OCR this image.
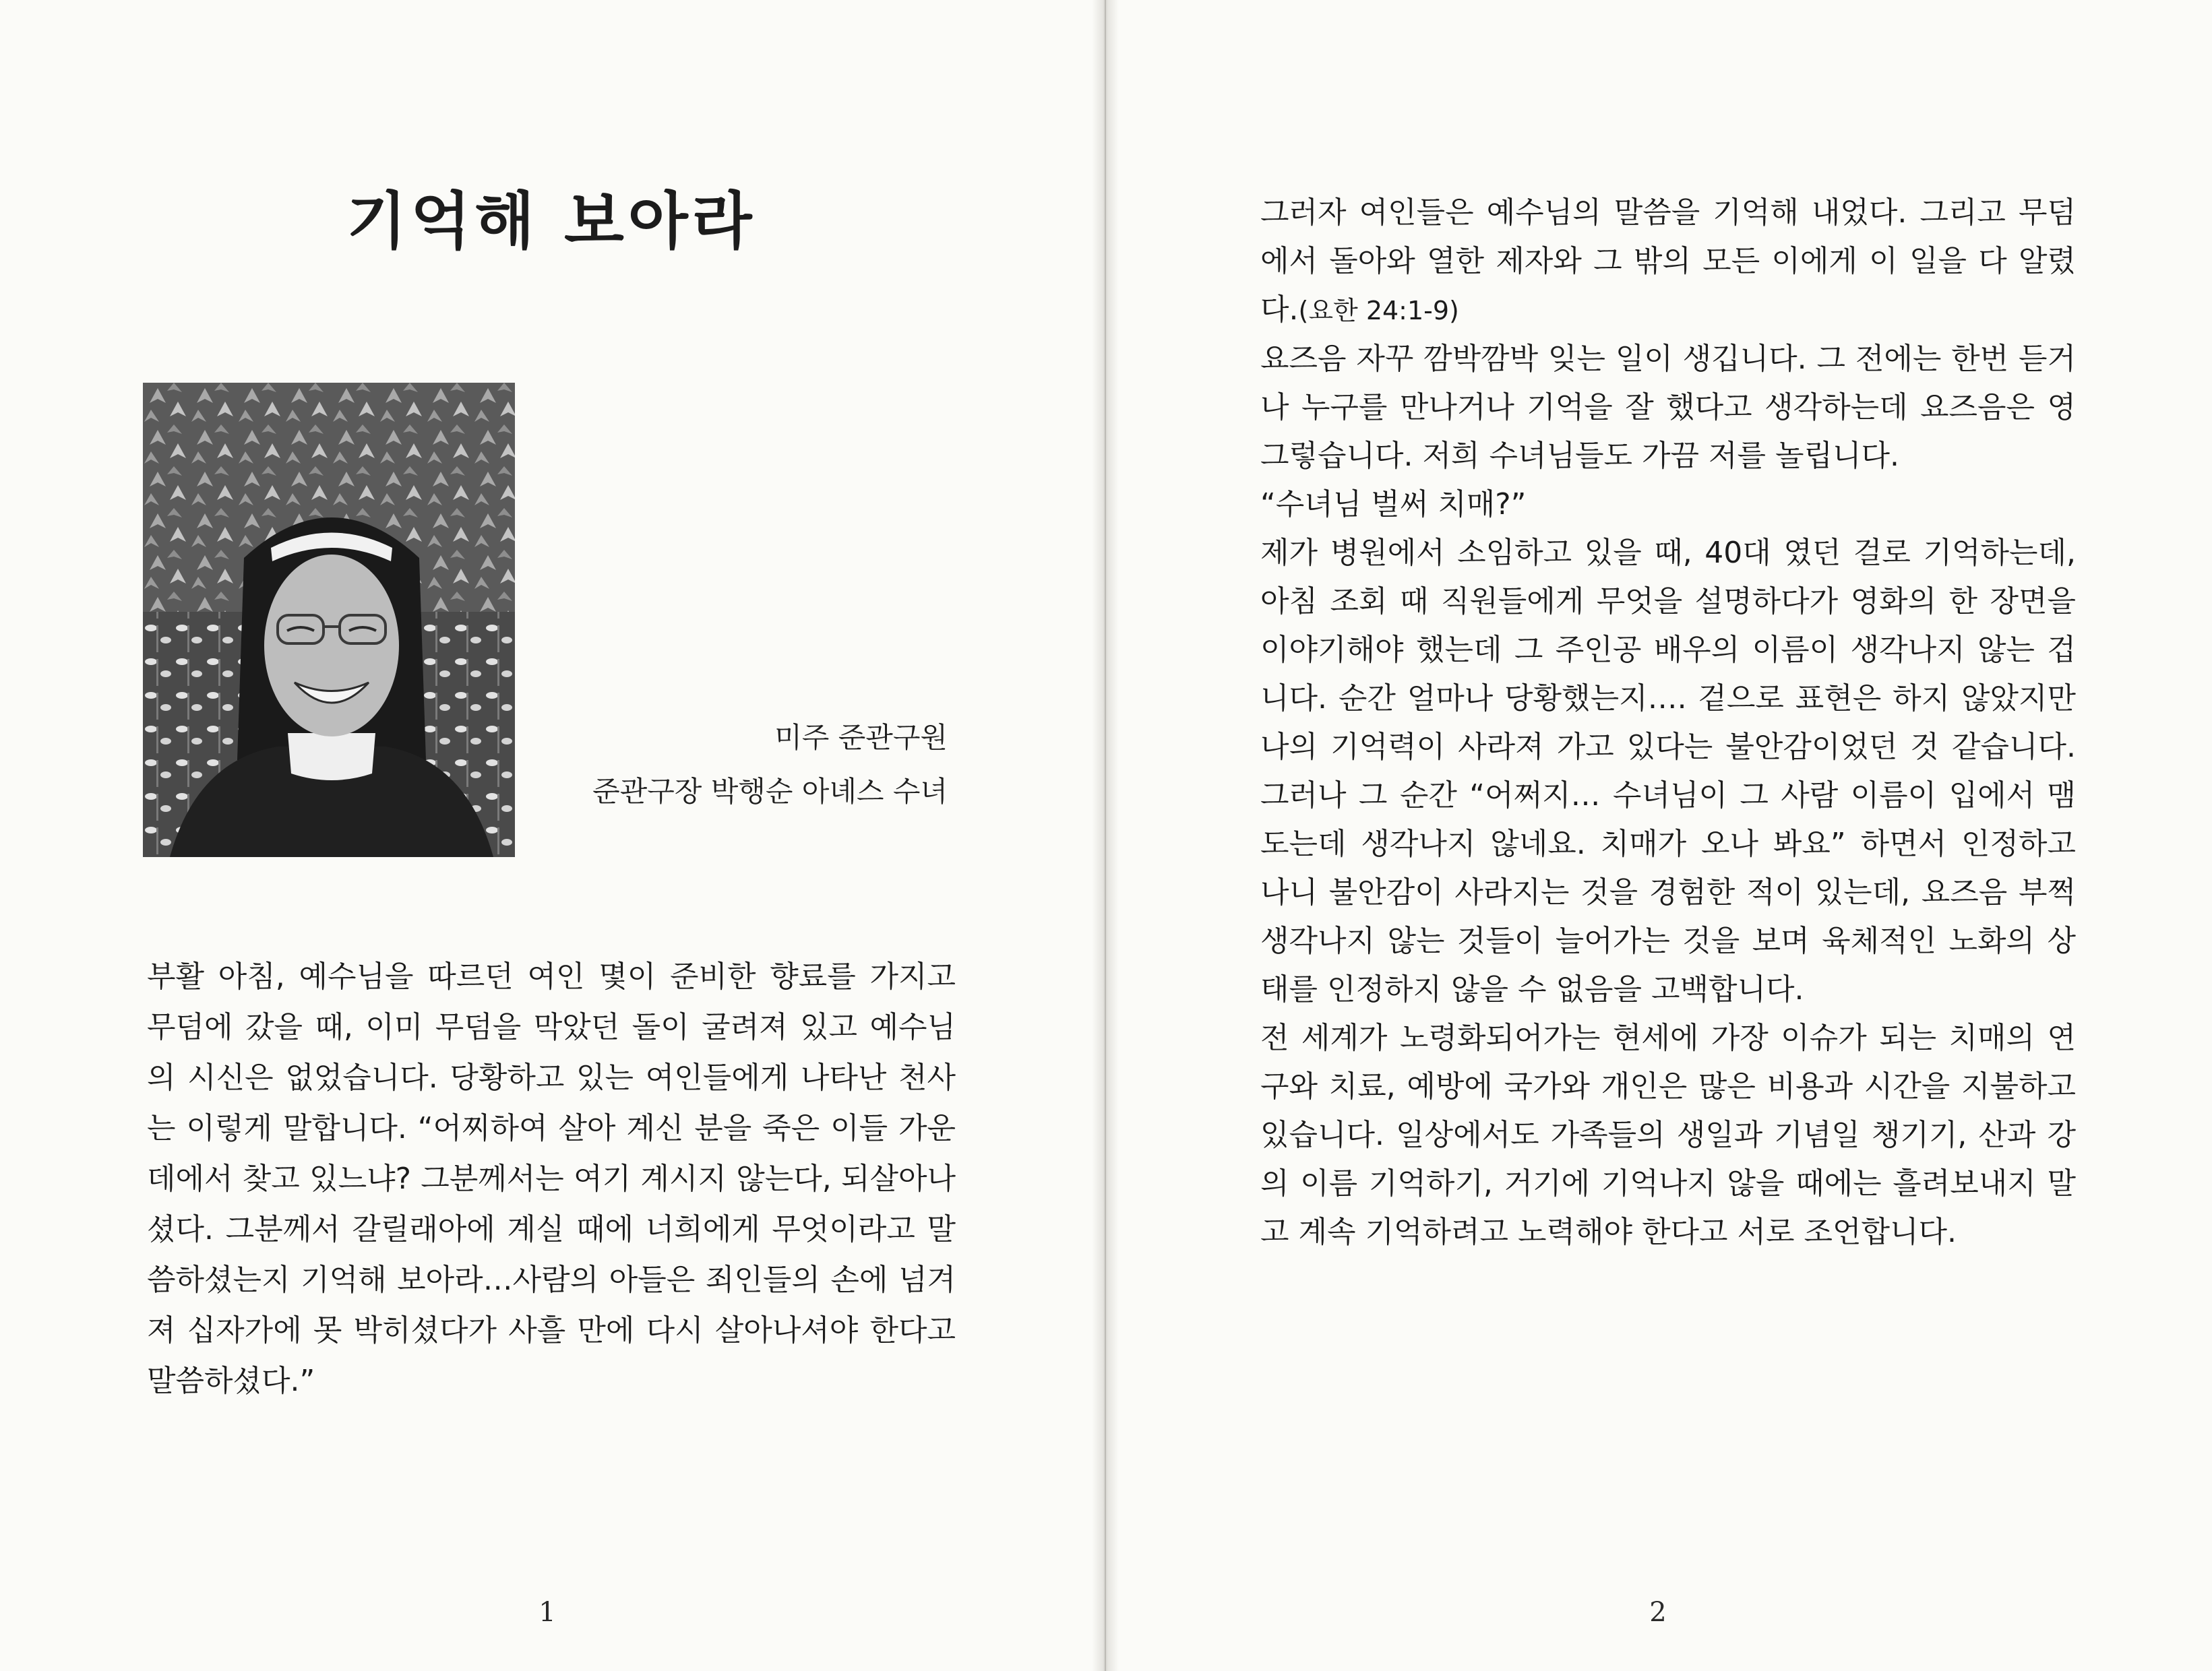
기억해 보아라
미주 준관구원
준관구장 박행순 아녜스 수녀

부활 아침, 예수님을 따르던 여인 몇이 준비한 향료를 가지고 무덤에 갔을 때, 이미 무덤을 막았던 돌이 굴려져 있고 예수님의 시신은 없었습니다. 당황하고 있는 여인들에게 나타난 천사는 이렇게 말합니다. “어찌하여 살아 계신 분을 죽은 이들 가운데에서 찾고 있느냐? 그분께서는 여기 계시지 않는다, 되살아나셨다. 그분께서 갈릴래아에 계실 때에 너희에게 무엇이라고 말씀하셨는지 기억해 보아라…사람의 아들은 죄인들의 손에 넘겨져 십자가에 못 박히셨다가 사흘 만에 다시 살아나셔야 한다고 말씀하셨다.”

1	2

그러자 여인들은 예수님의 말씀을 기억해 내었다. 그리고 무덤에서 돌아와 열한 제자와 그 밖의 모든 이에게 이 일을 다 알렸다.(요한 24:1-9)

요즈음 자꾸 깜박깜박 잊는 일이 생깁니다. 그 전에는 한번 듣거나 누구를 만나거나 기억을 잘 했다고 생각하는데 요즈음은 영 그렇습니다. 저희 수녀님들도 가끔 저를 놀립니다.

“수녀님 벌써 치매?”

제가 병원에서 소임하고 있을 때, 40대 였던 걸로 기억하는데, 아침 조회 때 직원들에게 무엇을 설명하다가 영화의 한 장면을 이야기해야 했는데 그 주인공 배우의 이름이 생각나지 않는 겁니다. 순간 얼마나 당황했는지…. 겉으로 표현은 하지 않았지만 나의 기억력이 사라져 가고 있다는 불안감이었던 것 같습니다. 그러나 그 순간 “어쩌지… 수녀님이 그 사람 이름이 입에서 맴도는데 생각나지 않네요. 치매가 오나 봐요” 하면서 인정하고 나니 불안감이 사라지는 것을 경험한 적이 있는데, 요즈음 부쩍 생각나지 않는 것들이 늘어가는 것을 보며 육체적인 노화의 상태를 인정하지 않을 수 없음을 고백합니다.

전 세계가 노령화되어가는 현세에 가장 이슈가 되는 치매의 연구와 치료, 예방에 국가와 개인은 많은 비용과 시간을 지불하고 있습니다. 일상에서도 가족들의 생일과 기념일 챙기기, 산과 강의 이름 기억하기, 거기에 기억나지 않을 때에는 흘려보내지 말고 계속 기억하려고 노력해야 한다고 서로 조언합니다.
